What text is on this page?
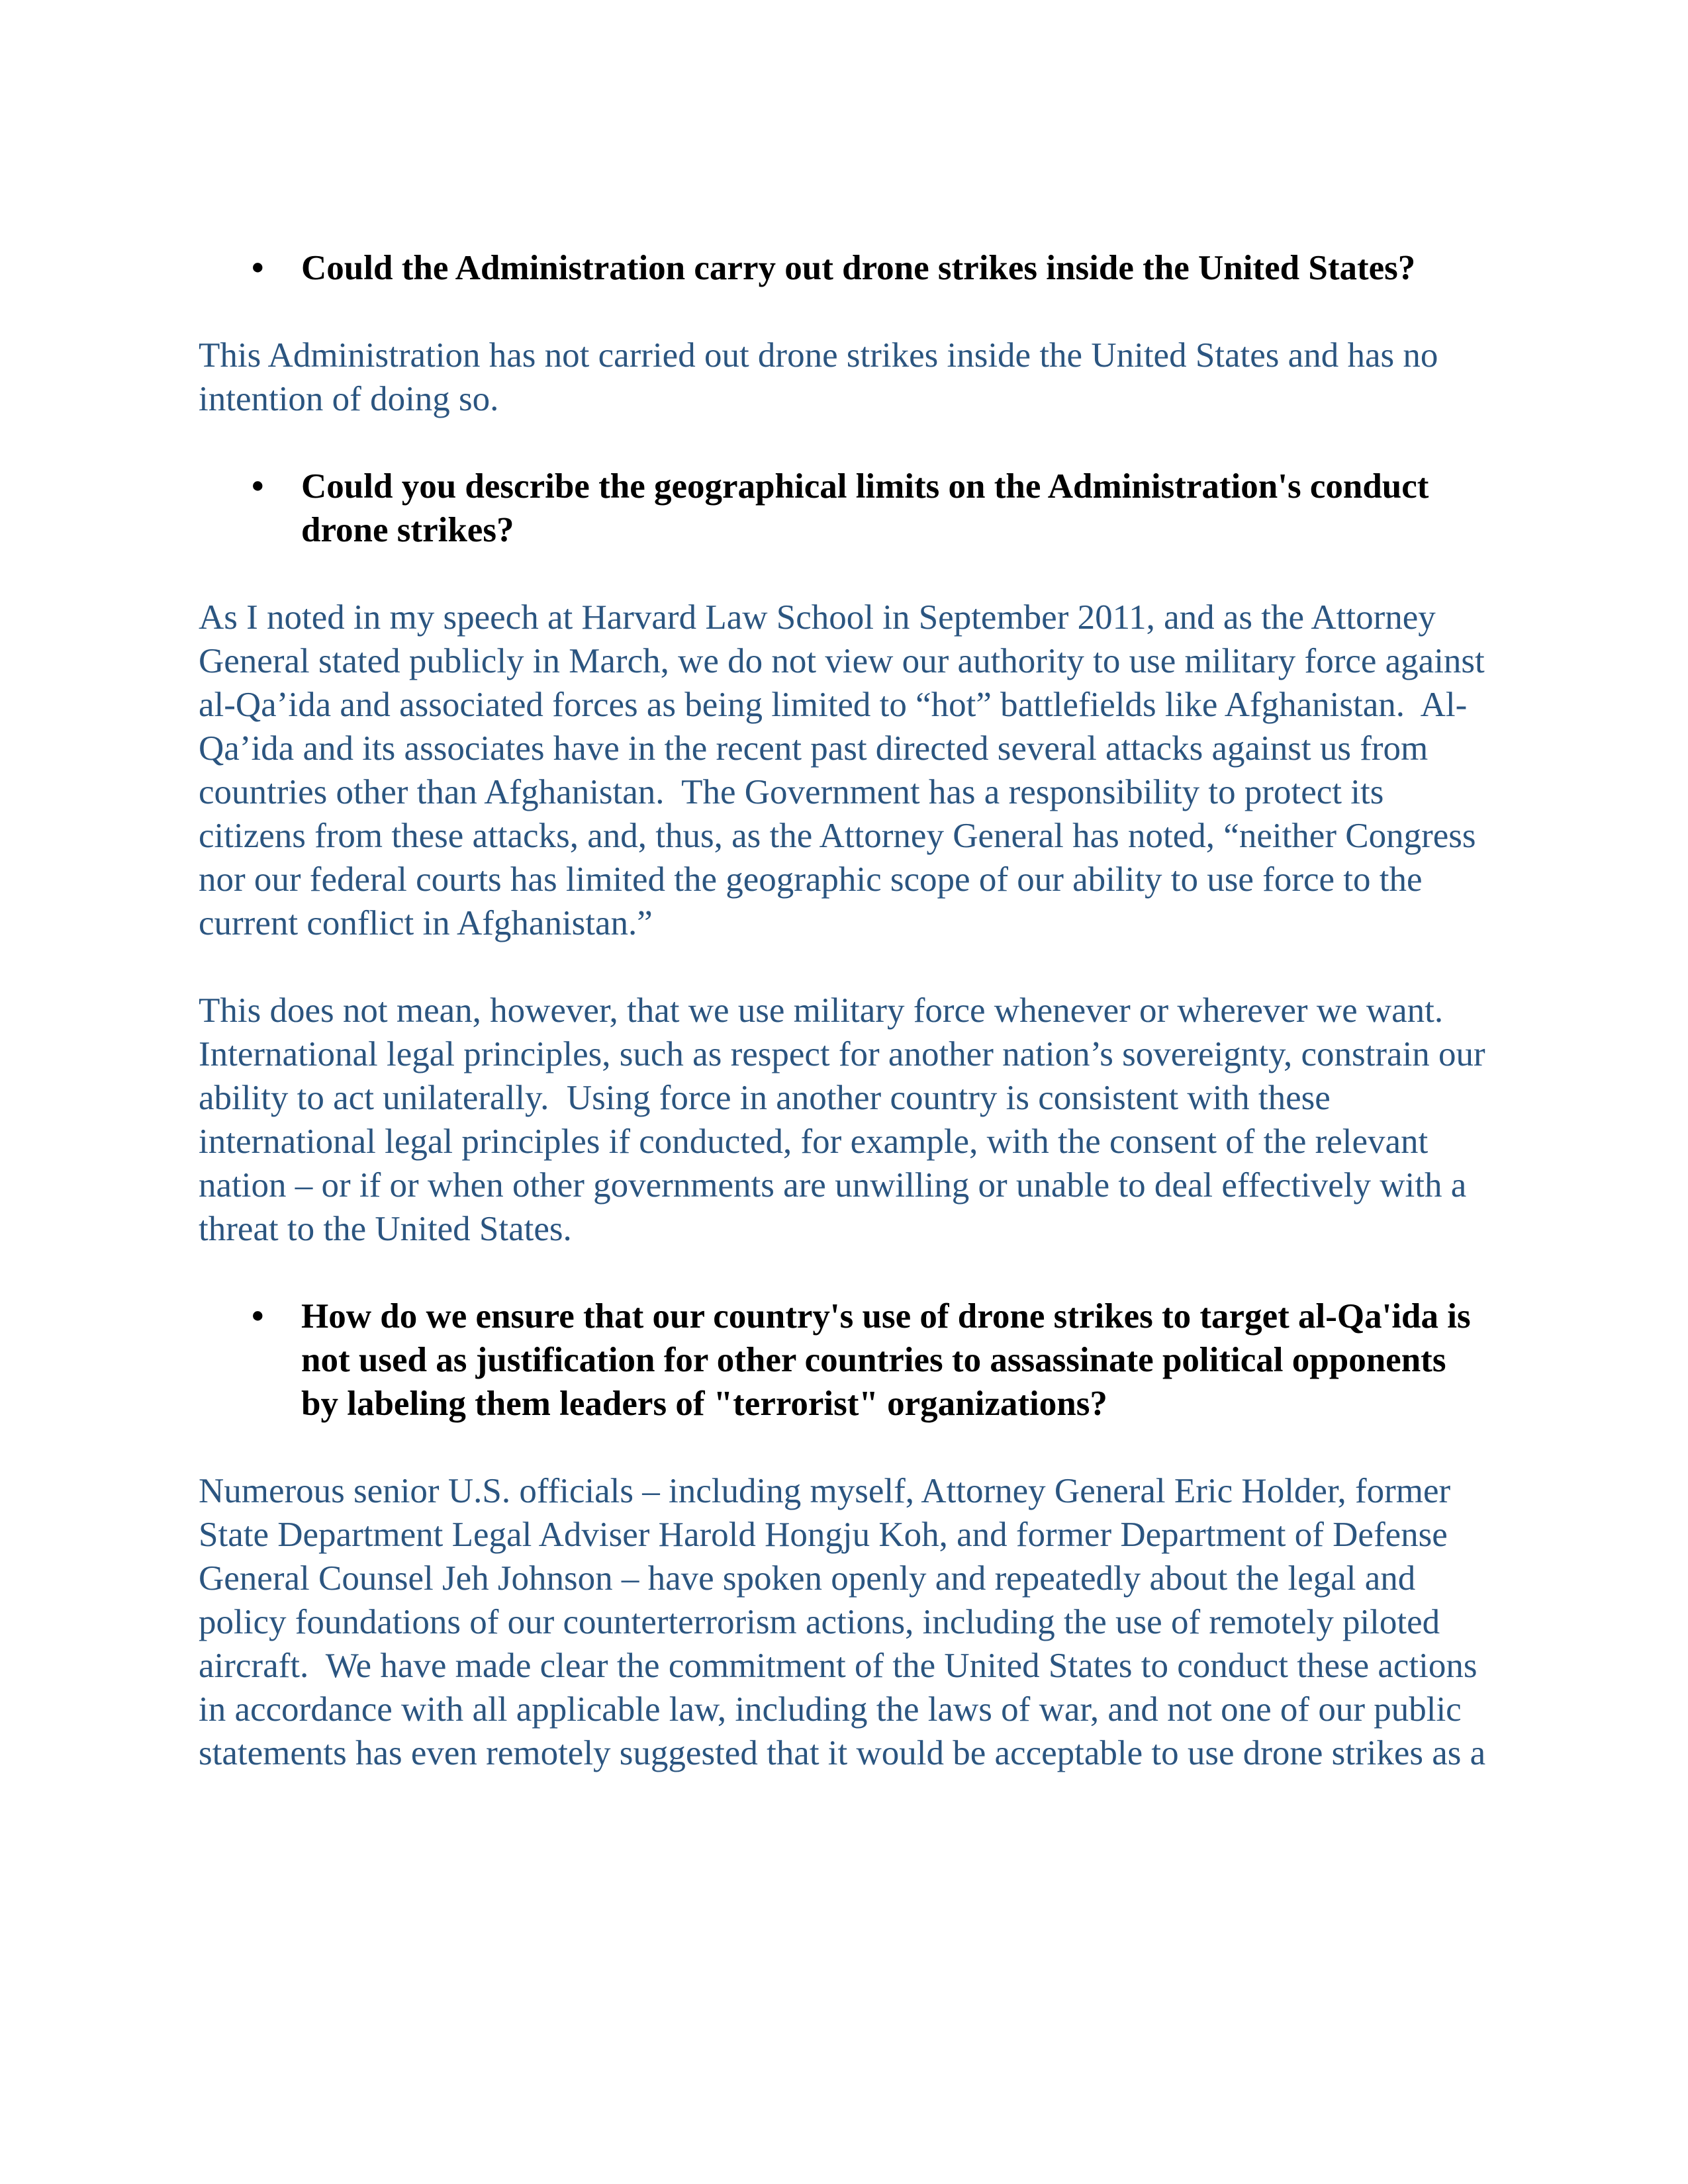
•	Could the Administration carry out drone strikes inside the United States?

This Administration has not carried out drone strikes inside the United States and has no intention of doing so.

•	Could you describe the geographical limits on the Administration's conduct drone strikes?

As I noted in my speech at Harvard Law School in September 2011, and as the Attorney General stated publicly in March, we do not view our authority to use military force against al-Qa’ida and associated forces as being limited to “hot” battlefields like Afghanistan.  Al-Qa’ida and its associates have in the recent past directed several attacks against us from countries other than Afghanistan.  The Government has a responsibility to protect its citizens from these attacks, and, thus, as the Attorney General has noted, “neither Congress nor our federal courts has limited the geographic scope of our ability to use force to the current conflict in Afghanistan.”

This does not mean, however, that we use military force whenever or wherever we want.  International legal principles, such as respect for another nation’s sovereignty, constrain our ability to act unilaterally.  Using force in another country is consistent with these international legal principles if conducted, for example, with the consent of the relevant nation – or if or when other governments are unwilling or unable to deal effectively with a threat to the United States.

•	How do we ensure that our country's use of drone strikes to target al-Qa'ida is not used as justification for other countries to assassinate political opponents by labeling them leaders of "terrorist" organizations?

Numerous senior U.S. officials – including myself, Attorney General Eric Holder, former State Department Legal Adviser Harold Hongju Koh, and former Department of Defense General Counsel Jeh Johnson – have spoken openly and repeatedly about the legal and policy foundations of our counterterrorism actions, including the use of remotely piloted aircraft.  We have made clear the commitment of the United States to conduct these actions in accordance with all applicable law, including the laws of war, and not one of our public statements has even remotely suggested that it would be acceptable to use drone strikes as a
